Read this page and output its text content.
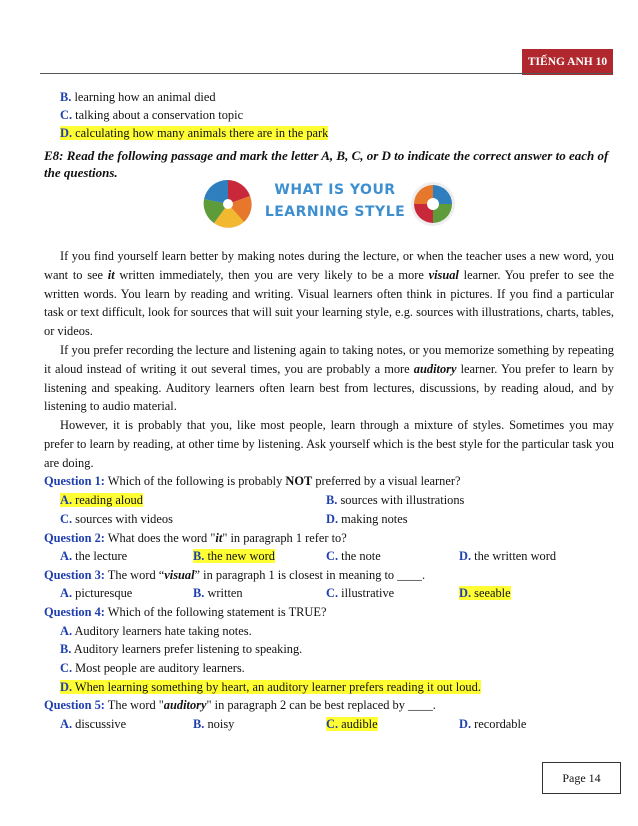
TIẾNG ANH 10
B. learning how an animal died
C. talking about a conservation topic
D. calculating how many animals there are in the park
E8: Read the following passage and mark the letter A, B, C, or D to indicate the correct answer to each of the questions.
WHAT IS YOUR
LEARNING STYLE

If you find yourself learn better by making notes during the lecture, or when the teacher uses a new word, you want to see it written immediately, then you are very likely to be a more visual learner. You prefer to see the written words. You learn by reading and writing. Visual learners often think in pictures. If you find a particular task or text difficult, look for sources that will suit your learning style, e.g. sources with illustrations, charts, tables, or videos.

If you prefer recording the lecture and listening again to taking notes, or you memorize something by repeating it aloud instead of writing it out several times, you are probably a more auditory learner. You prefer to learn by listening and speaking. Auditory learners often learn best from lectures, discussions, by reading aloud, and by listening to audio material.

However, it is probably that you, like most people, learn through a mixture of styles. Sometimes you may prefer to learn by reading, at other time by listening. Ask yourself which is the best style for the particular task you are doing.

Question 1: Which of the following is probably NOT preferred by a visual learner?
A. reading aloud	B. sources with illustrations
C. sources with videos	D. making notes
Question 2: What does the word "it" in paragraph 1 refer to?
A. the lecture	B. the new word	C. the note	D. the written word
Question 3: The word “visual” in paragraph 1 is closest in meaning to ____.
A. picturesque	B. written	C. illustrative	D. seeable
Question 4: Which of the following statement is TRUE?
A. Auditory learners hate taking notes.
B. Auditory learners prefer listening to speaking.
C. Most people are auditory learners.
D. When learning something by heart, an auditory learner prefers reading it out loud.
Question 5: The word "auditory" in paragraph 2 can be best replaced by ____.
A. discussive	B. noisy	C. audible	D. recordable
Page 14
